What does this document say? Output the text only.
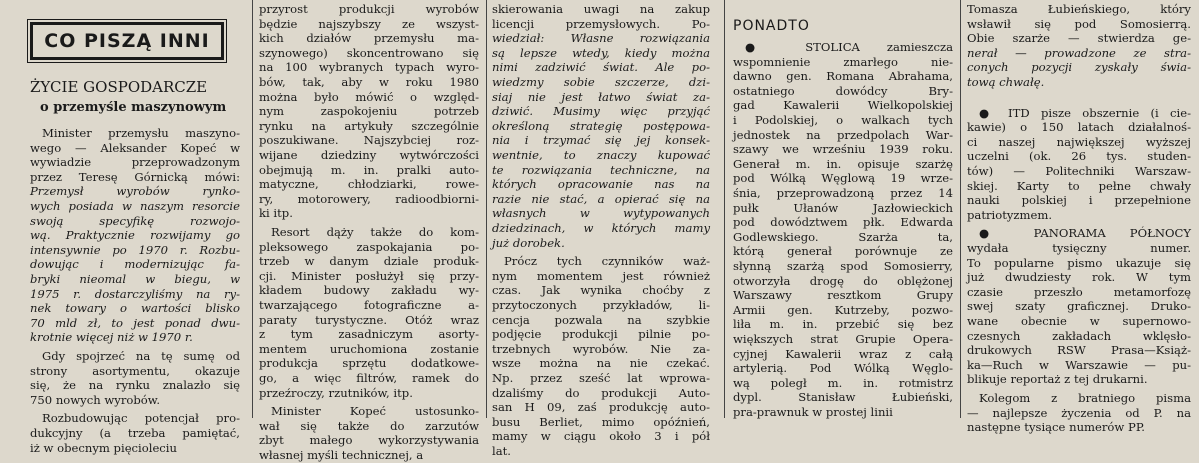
CO PISZĄ INNI
ŻYCIE GOSPODARCZE
o przemyśle maszynowym
Minister przemysłu maszyno-
wego — Aleksander Kopeć w
wywiadzie przeprowadzonym
przez Teresę Górnicką mówi:
Przemysł wyrobów rynko-
wych posiada w naszym resorcie
swoją specyfikę rozwojo-
wą. Praktycznie rozwijamy go
intensywnie po 1970 r. Rozbu-
dowując i modernizując fa-
bryki nieomal w biegu, w
1975 r. dostarczyliśmy na ry-
nek towary o wartości blisko
70 mld zł, to jest ponad dwu-
krotnie więcej niż w 1970 r.
Gdy spojrzeć na tę sumę od
strony asortymentu, okazuje
się, że na rynku znalazło się
750 nowych wyrobów.
Rozbudowując potencjał pro-
dukcyjny (a trzeba pamiętać,
iż w obecnym pięcioleciu
przyrost produkcji wyrobów
będzie najszybszy ze wszyst-
kich działów przemysłu ma-
szynowego) skoncentrowano się
na 100 wybranych typach wyro-
bów, tak, aby w roku 1980
można było mówić o względ-
nym zaspokojeniu potrzeb
rynku na artykuły szczególnie
poszukiwane. Najszybciej roz-
wijane dziedziny wytwórczości
obejmują m. in. pralki auto-
matyczne, chłodziarki, rowe-
ry, motorowery, radioodbiorni-
ki itp.
Resort dąży także do kom-
pleksowego zaspokajania po-
trzeb w danym dziale produk-
cji. Minister posłużył się przy-
kładem budowy zakładu wy-
twarzającego fotograficzne a-
paraty turystyczne. Otóż wraz
z tym zasadniczym asorty-
mentem uruchomiona zostanie
produkcja sprzętu dodatkowe-
go, a więc filtrów, ramek do
przeźroczy, rzutników, itp.
Minister Kopeć ustosunko-
wał się także do zarzutów
zbyt małego wykorzystywania
własnej myśli technicznej, a
skierowania uwagi na zakup
licencji przemysłowych. Po-
wiedział: Własne rozwiązania
są lepsze wtedy, kiedy można
nimi zadziwić świat. Ale po-
wiedzmy sobie szczerze, dzi-
siaj nie jest łatwo świat za-
dziwić. Musimy więc przyjąć
określoną strategię postępowa-
nia i trzymać się jej konsek-
wentnie, to znaczy kupować
te rozwiązania techniczne, na
których opracowanie nas na
razie nie stać, a opierać się na
własnych w wytypowanych
dziedzinach, w których mamy
już dorobek.
Prócz tych czynników waż-
nym momentem jest również
czas. Jak wynika choćby z
przytoczonych przykładów, li-
cencja pozwala na szybkie
podjęcie produkcji pilnie po-
trzebnych wyrobów. Nie za-
wsze można na nie czekać.
Np. przez sześć lat wprowa-
dzaliśmy do produkcji Auto-
san H 09, zaś produkcję auto-
busu Berliet, mimo opóźnień,
mamy w ciągu około 3 i pół
lat.
PONADTO
● STOLICA zamieszcza
wspomnienie zmarłego nie-
dawno gen. Romana Abrahama,
ostatniego dowódcy Bry-
gad Kawalerii Wielkopolskiej
i Podolskiej, o walkach tych
jednostek na przedpolach War-
szawy we wrześniu 1939 roku.
Generał m. in. opisuje szarżę
pod Wólką Węglową 19 wrze-
śnia, przeprowadzoną przez 14
pułk Ułanów Jazłowieckich
pod dowództwem płk. Edwarda
Godlewskiego. Szarża ta,
którą generał porównuje ze
słynną szarżą spod Somosierry,
otworzyła drogę do oblężonej
Warszawy resztkom Grupy
Armii gen. Kutrzeby, pozwo-
liła m. in. przebić się bez
większych strat Grupie Opera-
cyjnej Kawalerii wraz z całą
artylerią. Pod Wólką Węglo-
wą poległ m. in. rotmistrz
dypl. Stanisław Łubieński,
pra-prawnuk w prostej linii
Tomasza Łubieńskiego, który
wsławił się pod Somosierrą.
Obie szarże — stwierdza ge-
nerał — prowadzone ze stra-
conych pozycji zyskały świa-
tową chwałę.
● ITD pisze obszernie (i cie-
kawie) o 150 latach działalnoś-
ci naszej największej wyższej
uczelni (ok. 26 tys. studen-
tów) — Politechniki Warszaw-
skiej. Karty to pełne chwały
nauki polskiej i przepełnione
patriotyzmem.
● PANORAMA PÓŁNOCY
wydała tysięczny numer.
To popularne pismo ukazuje się
już dwudziesty rok. W tym
czasie przeszło metamorfozę
swej szaty graficznej. Druko-
wane obecnie w supernowo-
czesnych zakładach wklęsło-
drukowych RSW Prasa—Książ-
ka—Ruch w Warszawie — pu-
blikuje reportaż z tej drukarni.
Kolegom z bratniego pisma
— najlepsze życzenia od P. na
następne tysiące numerów PP.
